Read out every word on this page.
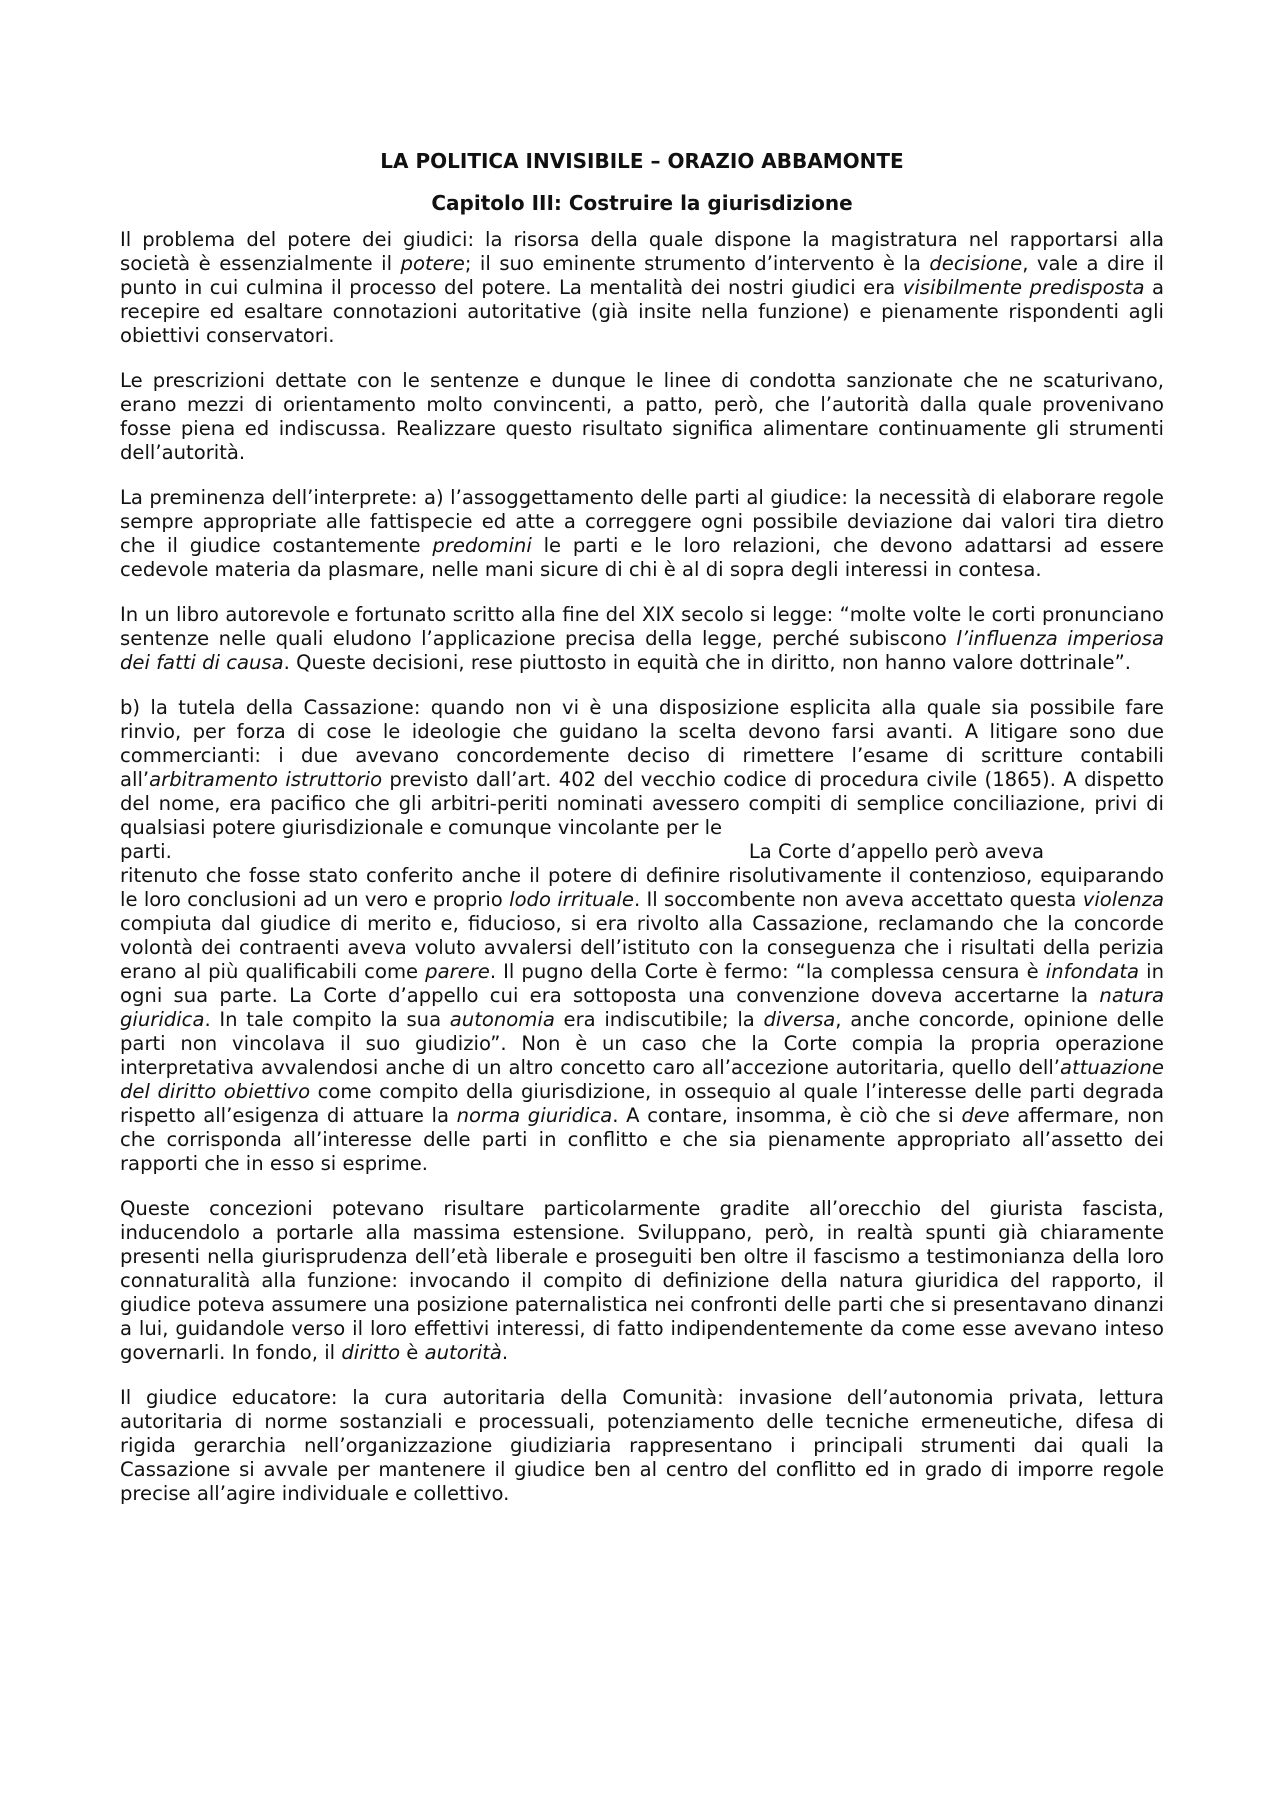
LA POLITICA INVISIBILE – ORAZIO ABBAMONTE
Capitolo III: Costruire la giurisdizione

Il problema del potere dei giudici: la risorsa della quale dispone la magistratura nel rapportarsi alla società è essenzialmente il potere; il suo eminente strumento d’intervento è la decisione, vale a dire il punto in cui culmina il processo del potere. La mentalità dei nostri giudici era visibilmente predisposta a recepire ed esaltare connotazioni autoritative (già insite nella funzione) e pienamente rispondenti agli obiettivi conservatori.

Le prescrizioni dettate con le sentenze e dunque le linee di condotta sanzionate che ne scaturivano, erano mezzi di orientamento molto convincenti, a patto, però, che l’autorità dalla quale provenivano fosse piena ed indiscussa. Realizzare questo risultato significa alimentare continuamente gli strumenti dell’autorità.

La preminenza dell’interprete: a) l’assoggettamento delle parti al giudice: la necessità di elaborare regole sempre appropriate alle fattispecie ed atte a correggere ogni possibile deviazione dai valori tira dietro che il giudice costantemente predomini le parti e le loro relazioni, che devono adattarsi ad essere cedevole materia da plasmare, nelle mani sicure di chi è al di sopra degli interessi in contesa.

In un libro autorevole e fortunato scritto alla fine del XIX secolo si legge: “molte volte le corti pronunciano sentenze nelle quali eludono l’applicazione precisa della legge, perché subiscono l’influenza imperiosa dei fatti di causa. Queste decisioni, rese piuttosto in equità che in diritto, non hanno valore dottrinale”.

b) la tutela della Cassazione: quando non vi è una disposizione esplicita alla quale sia possibile fare rinvio, per forza di cose le ideologie che guidano la scelta devono farsi avanti. A litigare sono due commercianti: i due avevano concordemente deciso di rimettere l’esame di scritture contabili all’arbitramento istruttorio previsto dall’art. 402 del vecchio codice di procedura civile (1865). A dispetto del nome, era pacifico che gli arbitri-periti nominati avessero compiti di semplice conciliazione, privi di qualsiasi potere giurisdizionale e comunque vincolante per le

parti.	La Corte d’appello però aveva

ritenuto che fosse stato conferito anche il potere di definire risolutivamente il contenzioso, equiparando le loro conclusioni ad un vero e proprio lodo irrituale. Il soccombente non aveva accettato questa violenza compiuta dal giudice di merito e, fiducioso, si era rivolto alla Cassazione, reclamando che la concorde volontà dei contraenti aveva voluto avvalersi dell’istituto con la conseguenza che i risultati della perizia erano al più qualificabili come parere. Il pugno della Corte è fermo: “la complessa censura è infondata in ogni sua parte. La Corte d’appello cui era sottoposta una convenzione doveva accertarne la natura giuridica. In tale compito la sua autonomia era indiscutibile; la diversa, anche concorde, opinione delle parti non vincolava il suo giudizio”. Non è un caso che la Corte compia la propria operazione interpretativa avvalendosi anche di un altro concetto caro all’accezione autoritaria, quello dell’attuazione del diritto obiettivo come compito della giurisdizione, in ossequio al quale l’interesse delle parti degrada rispetto all’esigenza di attuare la norma giuridica. A contare, insomma, è ciò che si deve affermare, non che corrisponda all’interesse delle parti in conflitto e che sia pienamente appropriato all’assetto dei rapporti che in esso si esprime.

Queste concezioni potevano risultare particolarmente gradite all’orecchio del giurista fascista, inducendolo a portarle alla massima estensione. Sviluppano, però, in realtà spunti già chiaramente presenti nella giurisprudenza dell’età liberale e proseguiti ben oltre il fascismo a testimonianza della loro connaturalità alla funzione: invocando il compito di definizione della natura giuridica del rapporto, il giudice poteva assumere una posizione paternalistica nei confronti delle parti che si presentavano dinanzi a lui, guidandole verso il loro effettivi interessi, di fatto indipendentemente da come esse avevano inteso governarli. In fondo, il diritto è autorità.

Il giudice educatore: la cura autoritaria della Comunità: invasione dell’autonomia privata, lettura autoritaria di norme sostanziali e processuali, potenziamento delle tecniche ermeneutiche, difesa di rigida gerarchia nell’organizzazione giudiziaria rappresentano i principali strumenti dai quali la Cassazione si avvale per mantenere il giudice ben al centro del conflitto ed in grado di imporre regole precise all’agire individuale e collettivo.
